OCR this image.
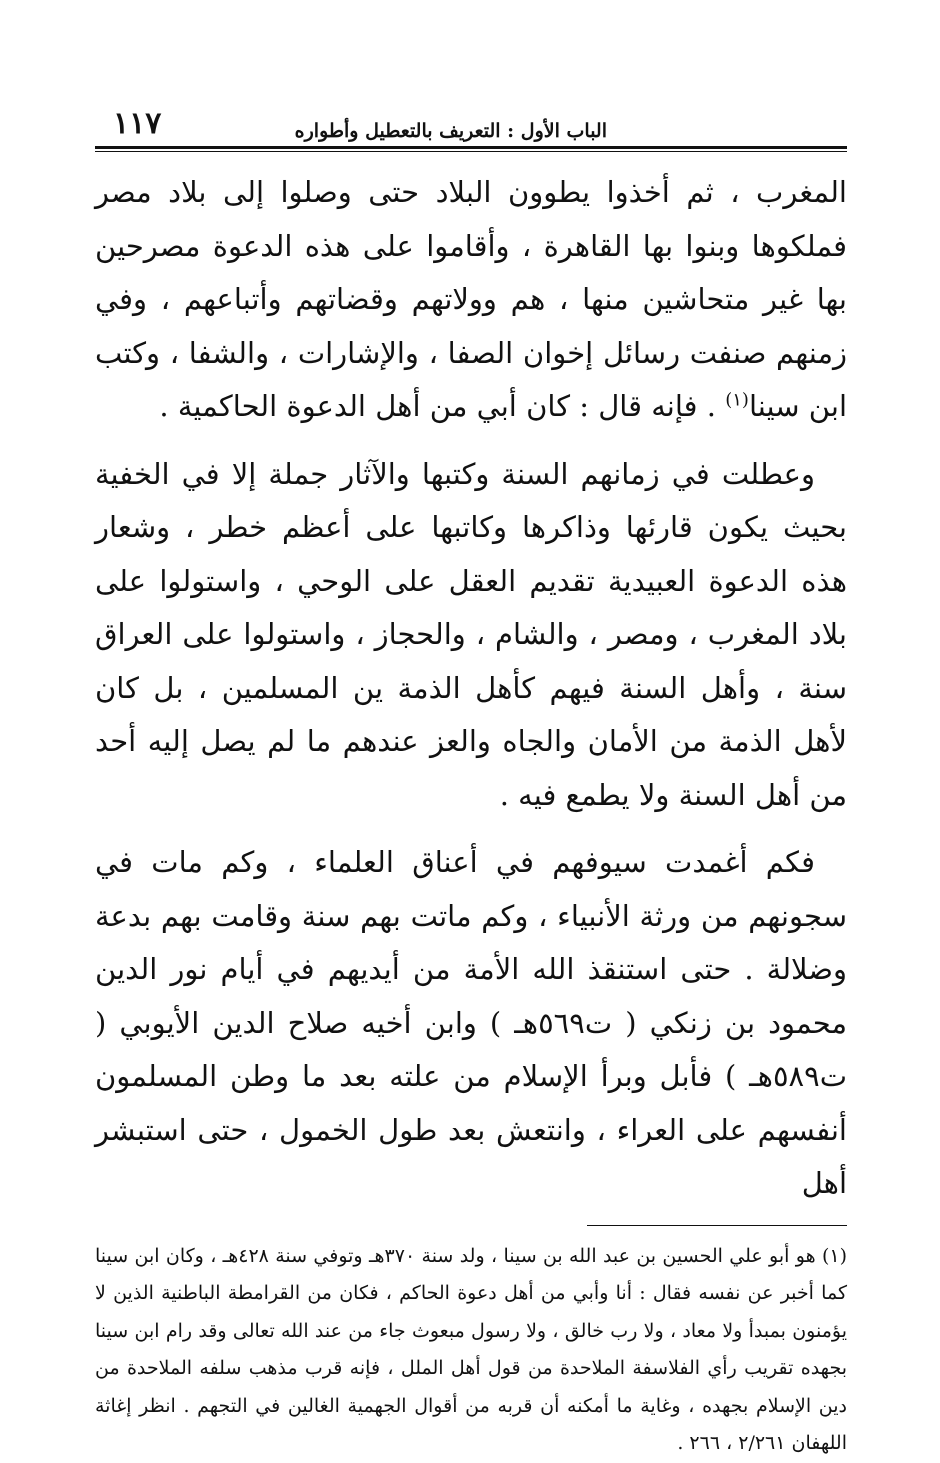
١١٧	الباب الأول : التعريف بالتعطيل وأطواره

المغرب ، ثم أخذوا يطوون البلاد حتى وصلوا إلى بلاد مصر فملكوها وبنوا بها القاهرة ، وأقاموا على هذه الدعوة مصرحين بها غير متحاشين منها ، هم وولاتهم وقضاتهم وأتباعهم ، وفي زمنهم صنفت رسائل إخوان الصفا ، والإشارات ، والشفا ، وكتب ابن سينا$^{(١)}$ . فإنه قال : كان أبي من أهل الدعوة الحاكمية .

وعطلت في زمانهم السنة وكتبها والآثار جملة إلا في الخفية بحيث يكون قارئها وذاكرها وكاتبها على أعظم خطر ، وشعار هذه الدعوة العبيدية تقديم العقل على الوحي ، واستولوا على بلاد المغرب ، ومصر ، والشام ، والحجاز ، واستولوا على العراق سنة ، وأهل السنة فيهم كأهل الذمة ين المسلمين ، بل كان لأهل الذمة من الأمان والجاه والعز عندهم ما لم يصل إليه أحد من أهل السنة ولا يطمع فيه .

فكم أغمدت سيوفهم في أعناق العلماء ، وكم مات في سجونهم من ورثة الأنبياء ، وكم ماتت بهم سنة وقامت بهم بدعة وضلالة . حتى استنقذ الله الأمة من أيديهم في أيام نور الدين محمود بن زنكي ( ت٥٦٩هـ ) وابن أخيه صلاح الدين الأيوبي ( ت٥٨٩هـ ) فأبل وبرأ الإسلام من علته بعد ما وطن المسلمون أنفسهم على العراء ، وانتعش بعد طول الخمول ، حتى استبشر أهل

(١) هو أبو علي الحسين بن عبد الله بن سينا ، ولد سنة ٣٧٠هـ وتوفي سنة ٤٢٨هـ ، وكان ابن سينا كما أخبر عن نفسه فقال : أنا وأبي من أهل دعوة الحاكم ، فكان من القرامطة الباطنية الذين لا يؤمنون بمبدأ ولا معاد ، ولا رب خالق ، ولا رسول مبعوث جاء من عند الله تعالى وقد رام ابن سينا بجهده تقريب رأي الفلاسفة الملاحدة من قول أهل الملل ، فإنه قرب مذهب سلفه الملاحدة من دين الإسلام بجهده ، وغاية ما أمكنه أن قربه من أقوال الجهمية الغالين في التجهم . انظر إغاثة اللهفان ٢/٢٦١ ، ٢٦٦ .
